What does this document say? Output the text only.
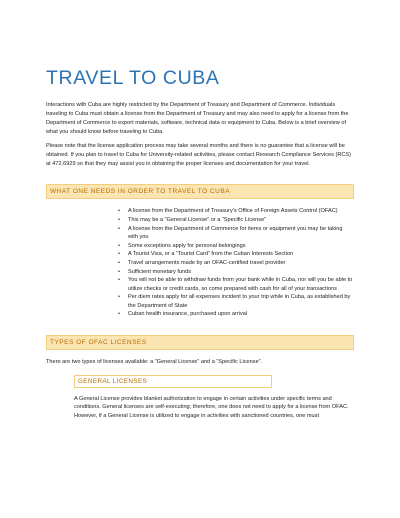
TRAVEL TO CUBA

Interactions with Cuba are highly restricted by the Department of Treasury and Department of Commerce. Individuals traveling to Cuba must obtain a license from the Department of Treasury and may also need to apply for a license from the Department of Commerce to export materials, software, technical data or equipment to Cuba. Below is a brief overview of what you should know before traveling to Cuba.

Please note that the license application process may take several months and there is no guarantee that a license will be obtained. If you plan to travel to Cuba for University-related activities, please contact Research Compliance Services (RCS) at 472.6929 so that they may assist you in obtaining the proper licenses and documentation for your travel.

WHAT ONE NEEDS IN ORDER TO TRAVEL TO CUBA
• A license from the Department of Treasury’s Office of Foreign Assets Control (OFAC)
• This may be a “General License” or a “Specific License”
• A license from the Department of Commerce for items or equipment you may be taking with you
• Some exceptions apply for personal belongings
• A Tourist Visa, or a “Tourist Card” from the Cuban Interests Section
• Travel arrangements made by an OFAC-certified travel provider
• Sufficient monetary funds
• You will not be able to withdraw funds from your bank while in Cuba, nor will you be able to utilize checks or credit cards, so come prepared with cash for all of your transactions
• Per diem rates apply for all expenses incident to your trip while in Cuba, as established by the Department of State
• Cuban health insurance, purchased upon arrival
TYPES OF OFAC LICENSES

There are two types of licenses available: a “General License” and a “Specific License”.

GENERAL LICENSES

A General License provides blanket authorization to engage in certain activities under specific terms and conditions. General licenses are self-executing; therefore, one does not need to apply for a license from OFAC. However, if a General License is utilized to engage in activities with sanctioned countries, one must
